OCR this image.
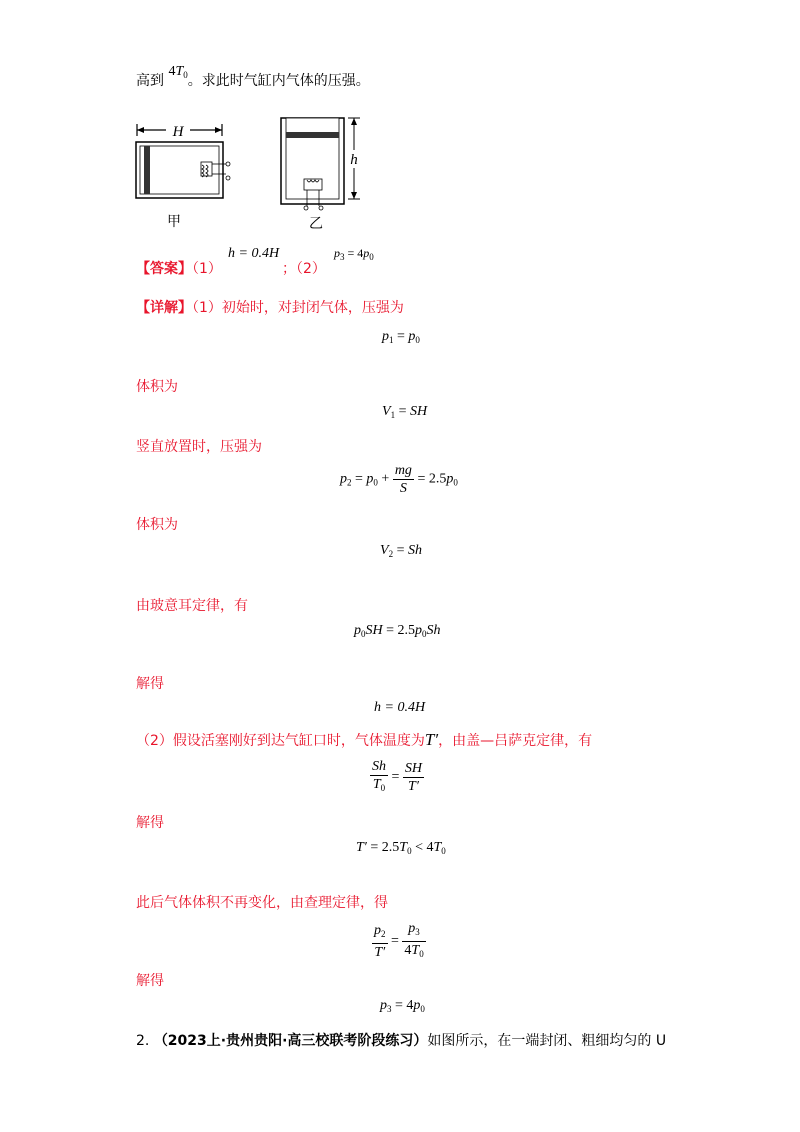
高到 $4T_0$。求此时气缸内气体的压强。
H
甲
h
乙
【答案】（1）
h = 0.4H
；（2）
$p_3 = 4p_0$
【详解】（1）初始时，对封闭气体，压强为
$p_1 = p_0$
体积为
$V_1$ = SH
竖直放置时，压强为
$p_2 = p_0 + \frac{mg}{S} = 2.5p_0$
体积为
$V_2 = Sh$
由玻意耳定律，有
$p_0SH = 2.5p_0Sh$
解得
h = 0.4H
（2）假设活塞刚好到达气缸口时，气体温度为T′，由盖—吕萨克定律，有
$\frac{Sh}{T_0} = \frac{SH}{T'}$
解得
$T' = 2.5T_0 < 4T_0$
此后气体体积不再变化，由查理定律，得
$\frac{p_2}{T'} = \frac{p_3}{4T_0}$
解得
$p_3 = 4p_0$
2. （2023上·贵州贵阳·高三校联考阶段练习）如图所示，在一端封闭、粗细均匀的 U
